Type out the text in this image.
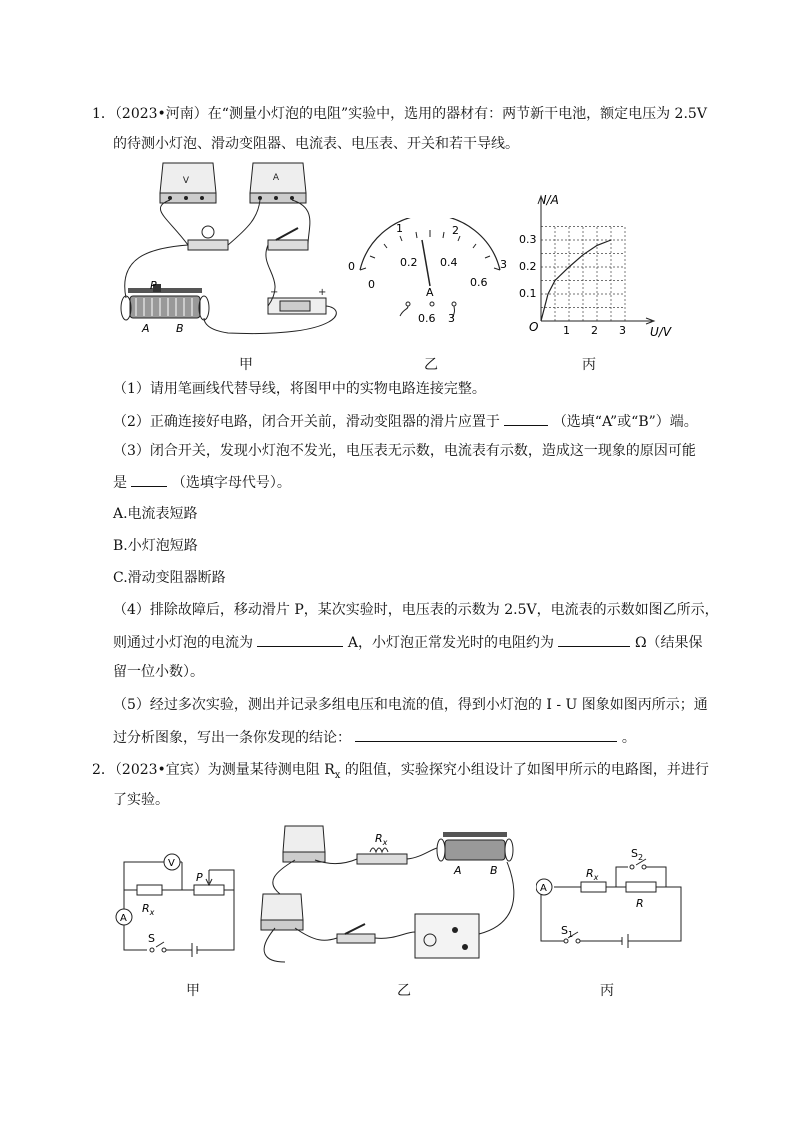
1．（2023•河南）在“测量小灯泡的电阻”实验中，选用的器材有：两节新干电池，额定电压为 2.5V
的待测小灯泡、滑动变阻器、电流表、电压表、开关和若干导线。
V	A
−	+
P
A B
0
1	2
3
0
0.2 0.4
0.6
A
0.6 3
I/A
U/V
O 1 2 3
0.1
0.2
0.3
甲	乙	丙
（1）请用笔画线代替导线，将图甲中的实物电路连接完整。
（2）正确连接好电路，闭合开关前，滑动变阻器的滑片应置于	（选填“A”或“B”）端。
（3）闭合开关，发现小灯泡不发光，电压表无示数，电流表有示数，造成这一现象的原因可能
是	（选填字母代号）。
A.电流表短路
B.小灯泡短路
C.滑动变阻器断路
（4）排除故障后，移动滑片 P，某次实验时，电压表的示数为 2.5V，电流表的示数如图乙所示，
则通过小灯泡的电流为	A，小灯泡正常发光时的电阻约为	Ω（结果保
留一位小数）。
（5）经过多次实验，测出并记录多组电压和电流的值，得到小灯泡的 I - U 图象如图丙所示；通
过分析图象，写出一条你发现的结论：	。
2．（2023•宜宾）为测量某待测电阻 $R_x$ 的阻值，实验探究小组设计了如图甲所示的电路图，并进行
了实验。
V
A
$R_x$
P
S
$R_x$
A	B
A
$R_x$
R
$S_2$
$S_1$
甲	乙	丙
